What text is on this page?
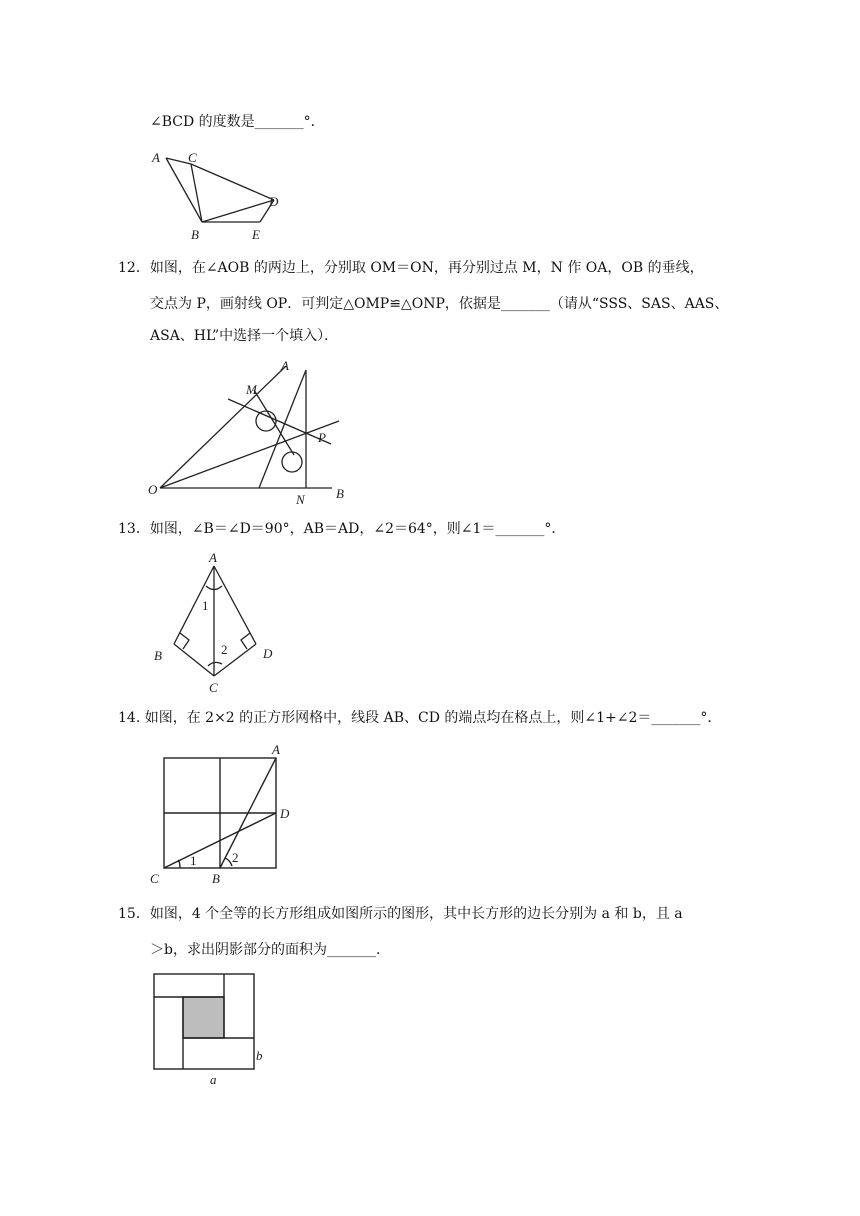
∠BCD 的度数是_______°．
A C
D
B	E
12．如图，在∠AOB 的两边上，分别取 OM＝ON，再分别过点 M，N 作 OA，OB 的垂线，
交点为 P，画射线 OP．可判定△OMP≌△ONP，依据是_______（请从“SSS、SAS、AAS、
ASA、HL”中选择一个填入）．
A
M
P
O
N B
13．如图，∠B＝∠D＝90°，AB＝AD，∠2＝64°，则∠1＝_______°．
A
B
C
D
1
2
14. 如图，在 2×2 的正方形网格中，线段 AB、CD 的端点均在格点上，则∠1+∠2＝_______°．
A
D
C	B
1	2
15．如图，4 个全等的长方形组成如图所示的图形，其中长方形的边长分别为 a 和 b，且 a
＞b，求出阴影部分的面积为_______.
b
a
